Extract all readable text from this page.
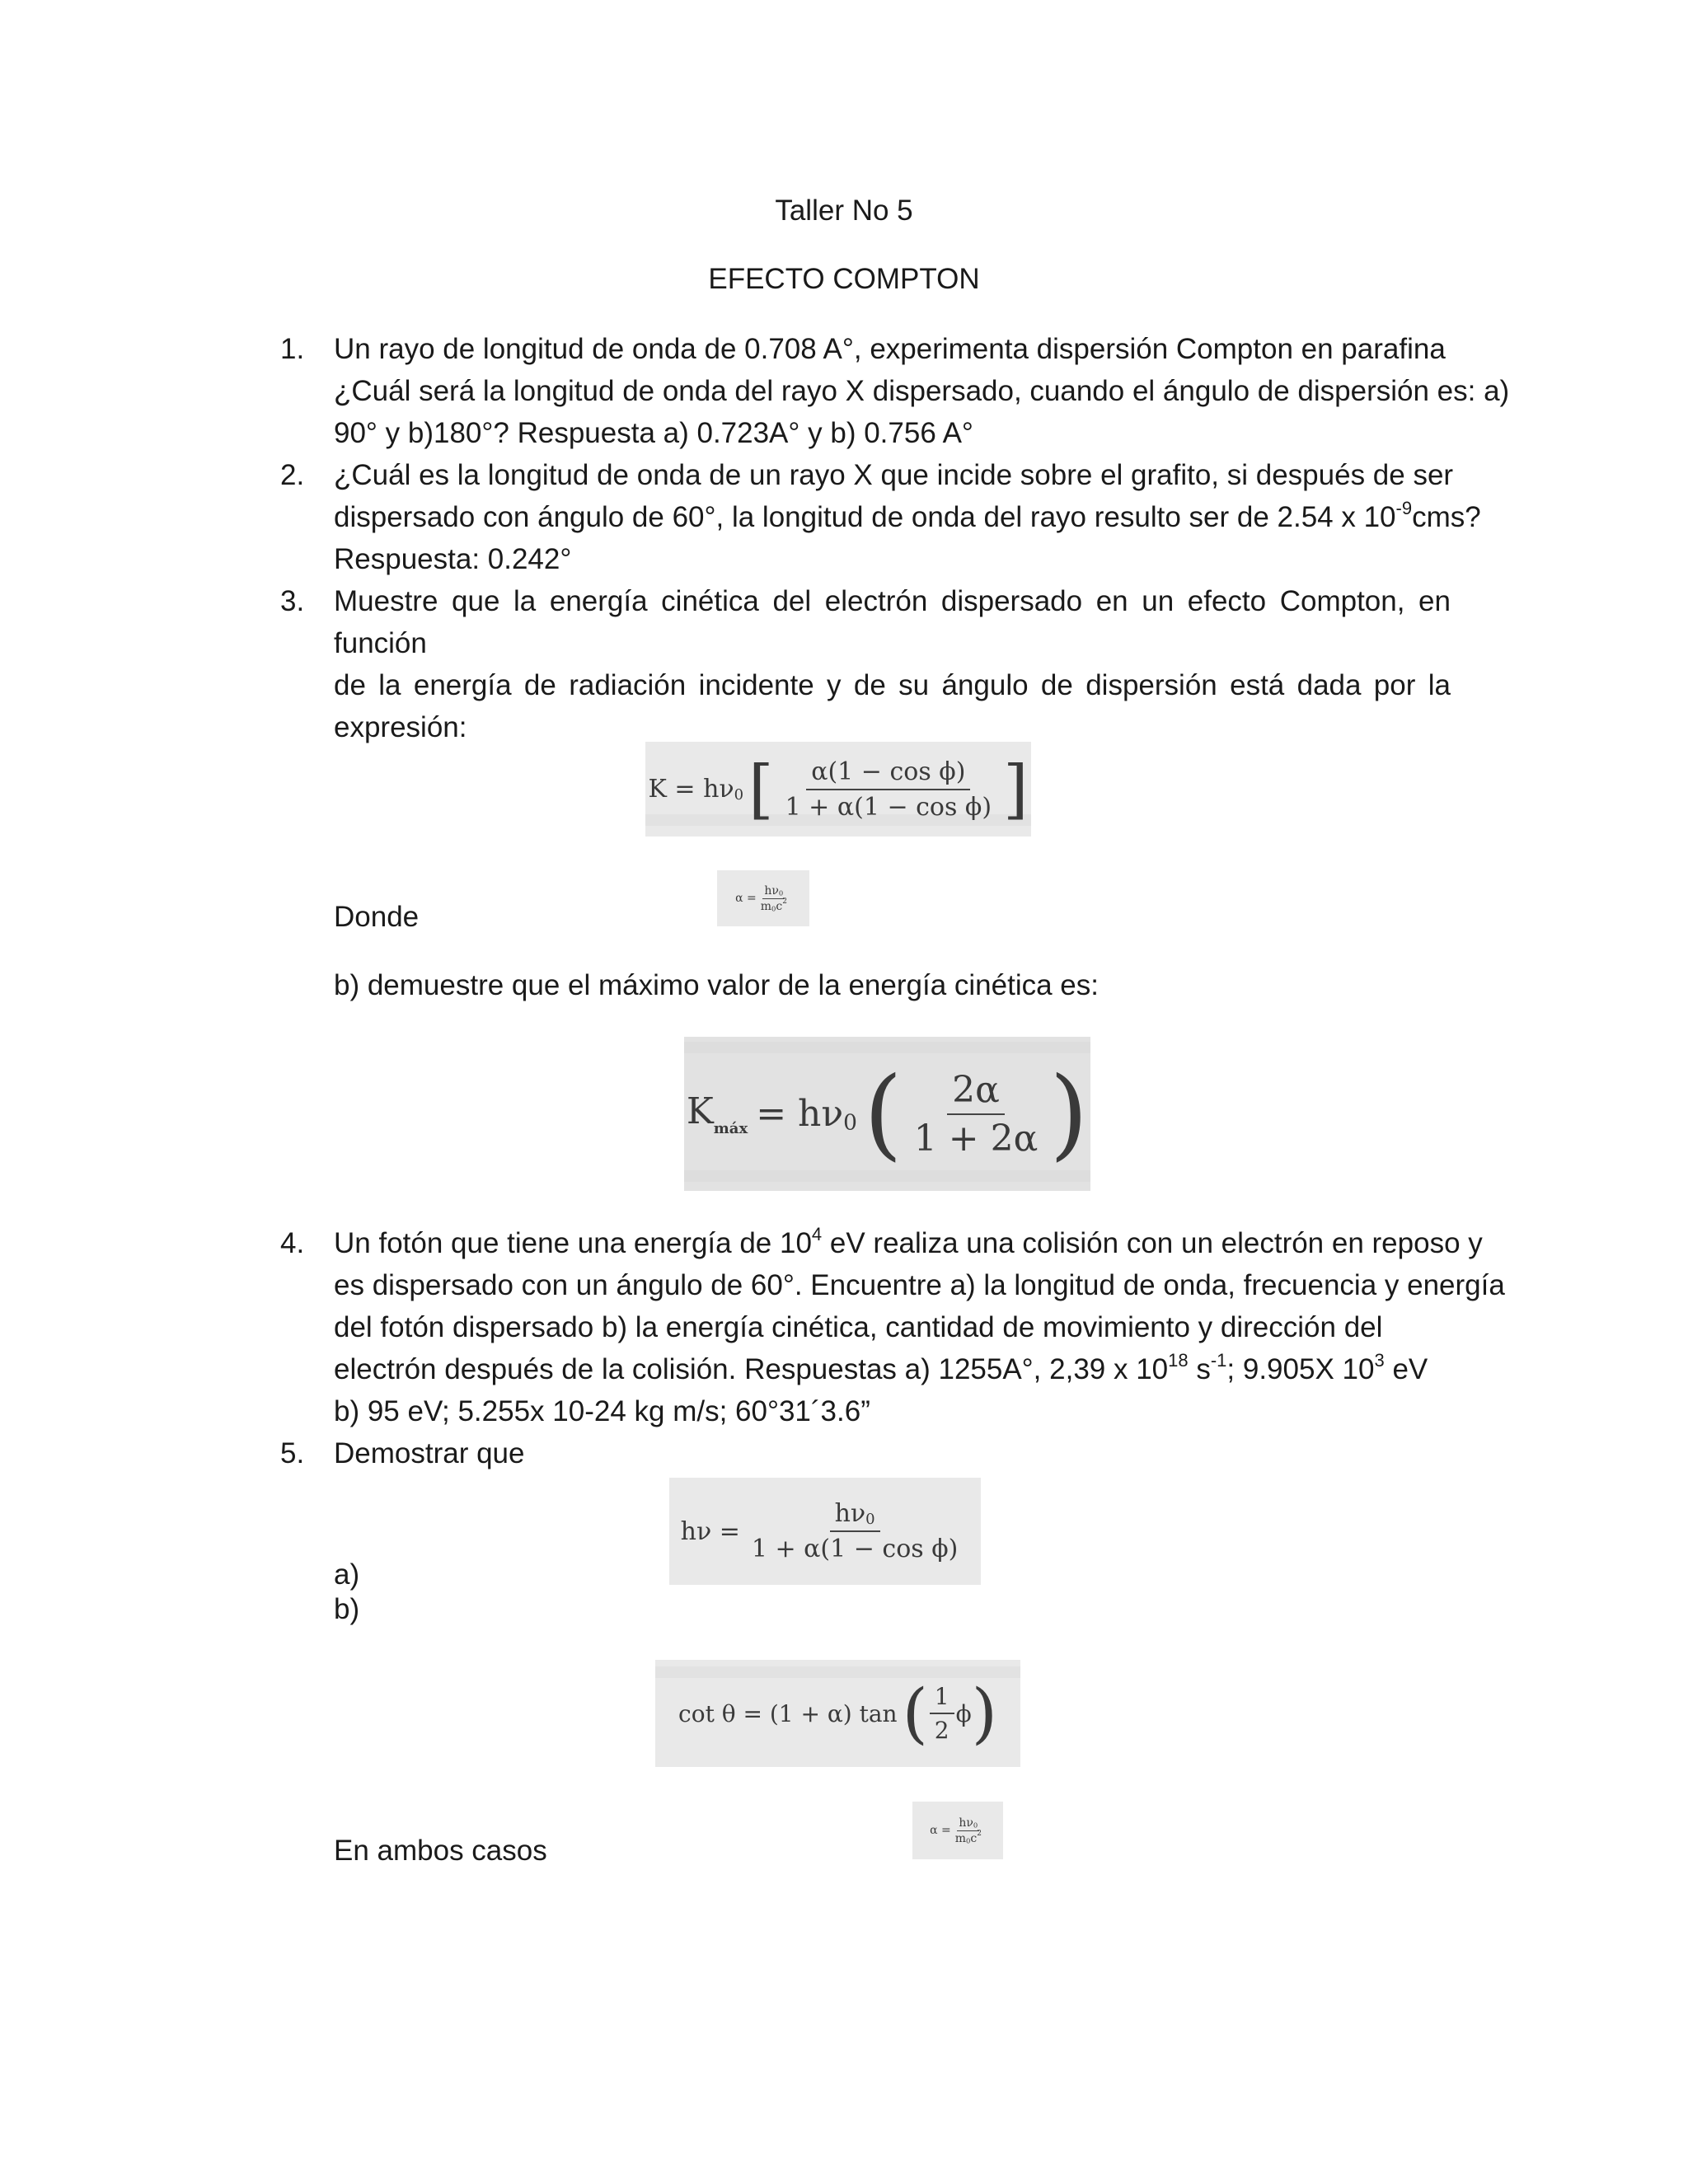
Taller No 5
EFECTO COMPTON
1.	Un rayo de longitud de onda de 0.708 A°, experimenta dispersión Compton en parafina
¿Cuál será la longitud de onda del rayo X dispersado, cuando el ángulo de dispersión es: a)
90° y b)180°? Respuesta a) 0.723A° y b) 0.756 A°
2.	¿Cuál es la longitud de onda de un rayo X que incide sobre el grafito, si después de ser
dispersado con ángulo de 60°, la longitud de onda del rayo resulto ser de 2.54 x $10^{-9}cms$?
Respuesta: 0.242°
3.	Muestre que la energía cinética del electrón dispersado en un efecto Compton, en función
de la energía de radiación incidente y de su ángulo de dispersión está dada por la
expresión:
K = hν0 [ $\frac{\text{α(1 − cos ϕ)}}{\text{1 + α(1 − cos ϕ)}}$ ]
Donde
$\alpha = \frac{h\nu 0}{m0c^2}$
b) demuestre que el máximo valor de la energía cinética es:
$K_{máx} = h\nu 0$ ( $\frac{2\alpha}{1 + 2\alpha}$ )
4.	Un fotón que tiene una energía de $10^4$ eV realiza una colisión con un electrón en reposo y
es dispersado con un ángulo de 60°. Encuentre a) la longitud de onda, frecuencia y energía
del fotón dispersado b) la energía cinética, cantidad de movimiento y dirección del
electrón después de la colisión. Respuestas a) 1255A°, 2,39 x $10^{18}$ $s^{-1}$; 9.905X $10^3$ eV
b) 95 eV; 5.255x 10-24 kg m/s; 60°31´3.6”
5.	Demostrar que
$h\nu = \frac{h\nu 0}{\text{1 + α(1 − cos ϕ)}}$
a)
b)
cot θ = (1 + α) tan ( $\frac{1}{2}$ ϕ )
En ambos casos
$\alpha = \frac{h\nu 0}{m0c^2}$
